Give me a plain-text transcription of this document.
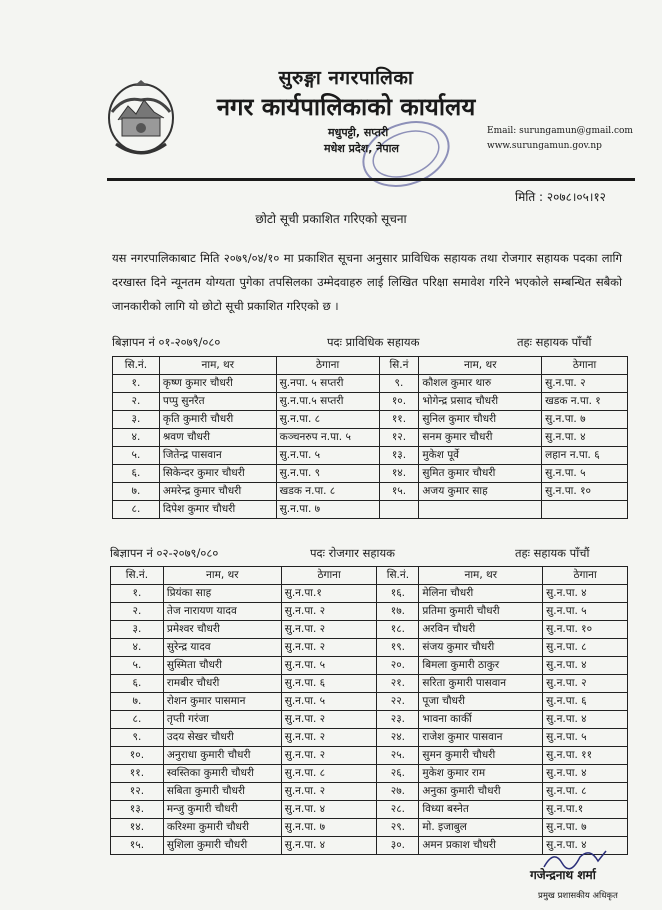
सुरुङ्गा नगरपालिका
नगर कार्यपालिकाको कार्यालय
मधुपट्टी, सप्तरी
मधेश प्रदेश, नेपाल
Email: surungamun@gmail.com
www.surungamun.gov.np
मिति : २०७८।०५।१२
छोटो सूची प्रकाशित गरिएको सूचना
यस नगरपालिकाबाट मिति २०७९/०४/१० मा प्रकाशित सूचना अनुसार प्राविधिक सहायक तथा रोजगार सहायक पदका लागि दरखास्त दिने न्यूनतम योग्यता पुगेका तपसिलका उम्मेदवाहरु लाई लिखित परिक्षा समावेश गरिने भएकोले सम्बन्धित सबैको जानकारीको लागि यो छोटो सूची प्रकाशित गरिएको छ ।
बिज्ञापन नं ०१-२०७९/०८०	पदः प्राविधिक सहायक	तहः सहायक पाँचौं
सि.नं.	नाम, थर	ठेगाना	सि.नं	नाम, थर	ठेगाना
१.	कृष्ण कुमार चौधरी	सु.नपा. ५ सप्तरी	९.	कौशल कुमार थारु	सु.न.पा. २
२.	पप्पु सुनरैत	सु.न.पा.५ सप्तरी	१०.	भोगेन्द्र प्रसाद चौधरी	खडक न.पा. १
३.	कृति कुमारी चौधरी	सु.न.पा. ८	११.	सुनिल कुमार चौधरी	सु.न.पा. ७
४.	श्रवण चौधरी	कञ्चनरुप न.पा. ५	१२.	सनम कुमार चौधरी	सु.न.पा. ४
५.	जितेन्द्र पासवान	सु.न.पा. ५	१३.	मुकेश पूर्वे	लहान न.पा. ६
६.	सिकेन्दर कुमार चौधरी	सु.न.पा. ९	१४.	सुमित कुमार चौधरी	सु.न.पा. ५
७.	अमरेन्द्र कुमार चौधरी	खडक न.पा. ८	१५.	अजय कुमार साह	सु.न.पा. १०
८.	दिपेश कुमार चौधरी	सु.न.पा. ७			
बिज्ञापन नं ०२-२०७९/०८०	पदः रोजगार सहायक	तहः सहायक पाँचौं
सि.नं.	नाम, थर	ठेगाना	सि.नं.	नाम, थर	ठेगाना
१.	प्रियंका साह	सु.न.पा.१	१६.	मेलिना चौधरी	सु.न.पा. ४
२.	तेज नारायण यादव	सु.न.पा. २	१७.	प्रतिमा कुमारी चौधरी	सु.न.पा. ५
३.	प्रमेश्वर चौधरी	सु.न.पा. २	१८.	अरविन चौधरी	सु.न.पा. १०
४.	सुरेन्द्र यादव	सु.न.पा. २	१९.	संजय कुमार चौधरी	सु.न.पा. ८
५.	सुस्मिता चौधरी	सु.न.पा. ५	२०.	बिमला कुमारी ठाकुर	सु.न.पा. ४
६.	रामबीर चौधरी	सु.न.पा. ६	२१.	सरिता कुमारी पासवान	सु.न.पा. २
७.	रोशन कुमार पासमान	सु.न.पा. ५	२२.	पूजा चौधरी	सु.न.पा. ६
८.	तृप्ती गरंजा	सु.न.पा. २	२३.	भावना कार्की	सु.न.पा. ४
९.	उदय सेखर चौधरी	सु.न.पा. २	२४.	राजेश कुमार पासवान	सु.न.पा. ५
१०.	अनुराधा कुमारी चौधरी	सु.न.पा. २	२५.	सुमन कुमारी चौधरी	सु.न.पा. ११
११.	स्वस्तिका कुमारी चौधरी	सु.न.पा. ८	२६.	मुकेश कुमार राम	सु.न.पा. ४
१२.	सबिता कुमारी चौधरी	सु.न.पा. २	२७.	अनुका कुमारी चौधरी	सु.न.पा. ८
१३.	मन्जु कुमारी चौधरी	सु.न.पा. ४	२८.	विध्या बस्नेत	सु.न.पा.१
१४.	करिश्मा कुमारी चौधरी	सु.न.पा. ७	२९.	मो. इजाबुल	सु.न.पा. ७
१५.	सुशिला कुमारी चौधरी	सु.न.पा. ४	३०.	अमन प्रकाश चौधरी	सु.न.पा. ४
गजेन्द्रनाथ शर्मा
प्रमुख प्रशासकीय अधिकृत
